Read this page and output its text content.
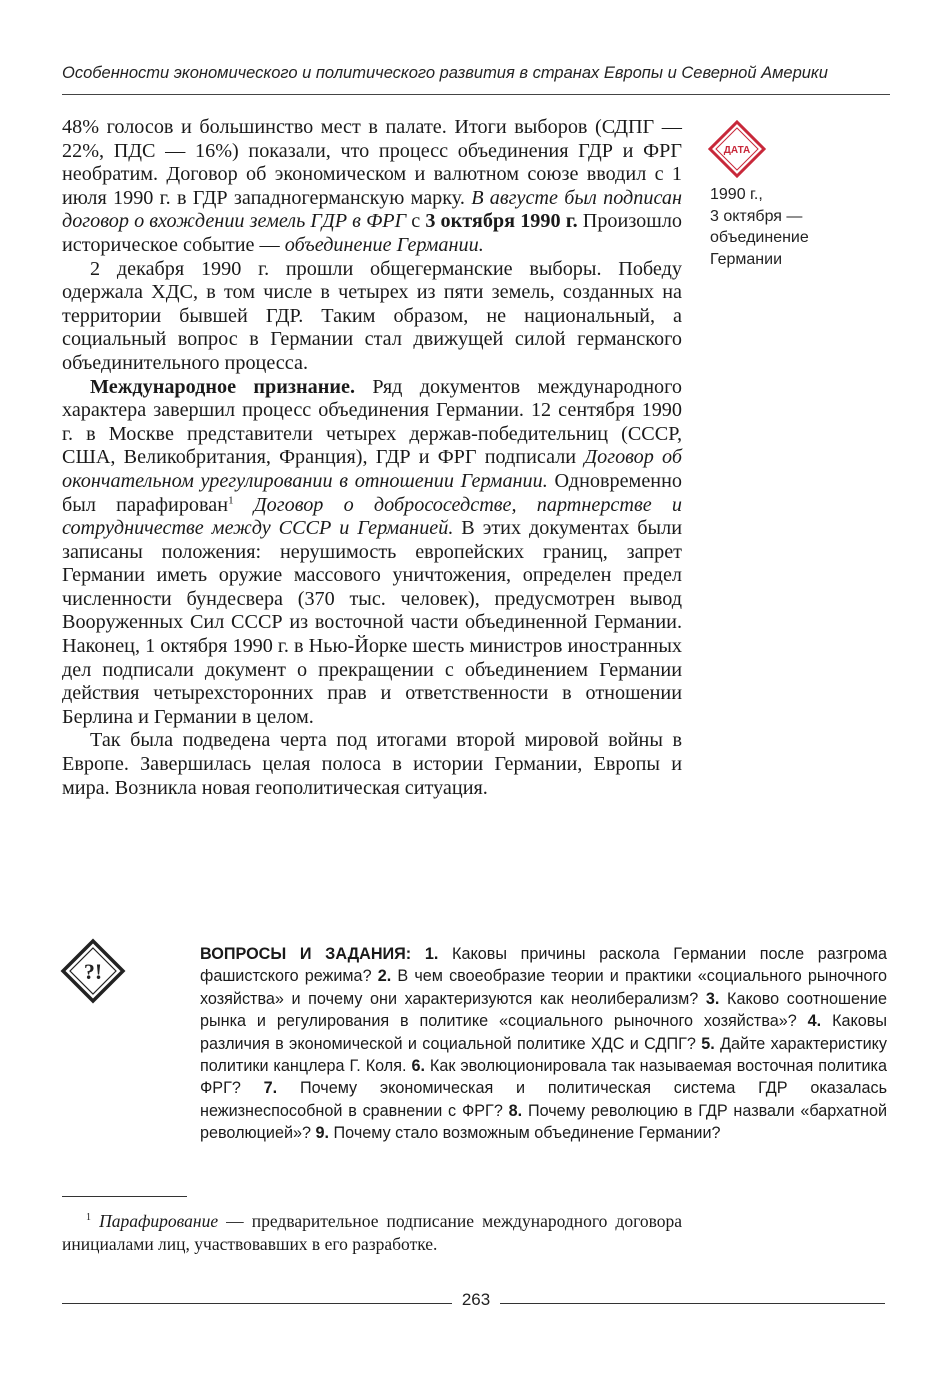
Особенности экономического и политического развития в странах Европы и Северной Америки

48% голосов и большинство мест в палате. Итоги выборов (СДПГ — 22%, ПДС — 16%) показали, что процесс объединения ГДР и ФРГ необратим. Договор об экономическом и валютном союзе вводил с 1 июля 1990 г. в ГДР западногерманскую марку. В августе был подписан договор о вхождении земель ГДР в ФРГ с 3 октября 1990 г. Произошло историческое событие — объединение Германии.

2 декабря 1990 г. прошли общегерманские выборы. Победу одержала ХДС, в том числе в четырех из пяти земель, созданных на территории бывшей ГДР. Таким образом, не национальный, а социальный вопрос в Германии стал движущей силой германского объединительного процесса.

Международное признание. Ряд документов международного характера завершил процесс объединения Германии. 12 сентября 1990 г. в Москве представители четырех держав-победительниц (СССР, США, Великобритания, Франция), ГДР и ФРГ подписали Договор об окончательном урегулировании в отношении Германии. Одновременно был парафирован$^1$ Договор о добрососедстве, партнерстве и сотрудничестве между СССР и Германией. В этих документах были записаны положения: нерушимость европейских границ, запрет Германии иметь оружие массового уничтожения, определен предел численности бундесвера (370 тыс. человек), предусмотрен вывод Вооруженных Сил СССР из восточной части объединенной Германии. Наконец, 1 октября 1990 г. в Нью-Йорке шесть министров иностранных дел подписали документ о прекращении с объединением Германии действия четырехсторонних прав и ответственности в отношении Берлина и Германии в целом.

Так была подведена черта под итогами второй мировой войны в Европе. Завершилась целая полоса в истории Германии, Европы и мира. Возникла новая геополитическая ситуация.

ДАТА
1990 г.,
3 октября —
объединение
Германии
?!
ВОПРОСЫ И ЗАДАНИЯ: 1. Каковы причины раскола Германии после разгрома фашистского режима? 2. В чем своеобразие теории и практики «социального рыночного хозяйства» и почему они характеризуются как неолиберализм? 3. Каково соотношение рынка и регулирования в политике «социального рыночного хозяйства»? 4. Каковы различия в экономической и социальной политике ХДС и СДПГ? 5. Дайте характеристику политики канцлера Г. Коля. 6. Как эволюционировала так называемая восточная политика ФРГ? 7. Почему экономическая и политическая система ГДР оказалась нежизнеспособной в сравнении с ФРГ? 8. Почему революцию в ГДР назвали «бархатной революцией»? 9. Почему стало возможным объединение Германии?
$^1$ Парафирование — предварительное подписание международного договора инициалами лиц, участвовавших в его разработке.
263
